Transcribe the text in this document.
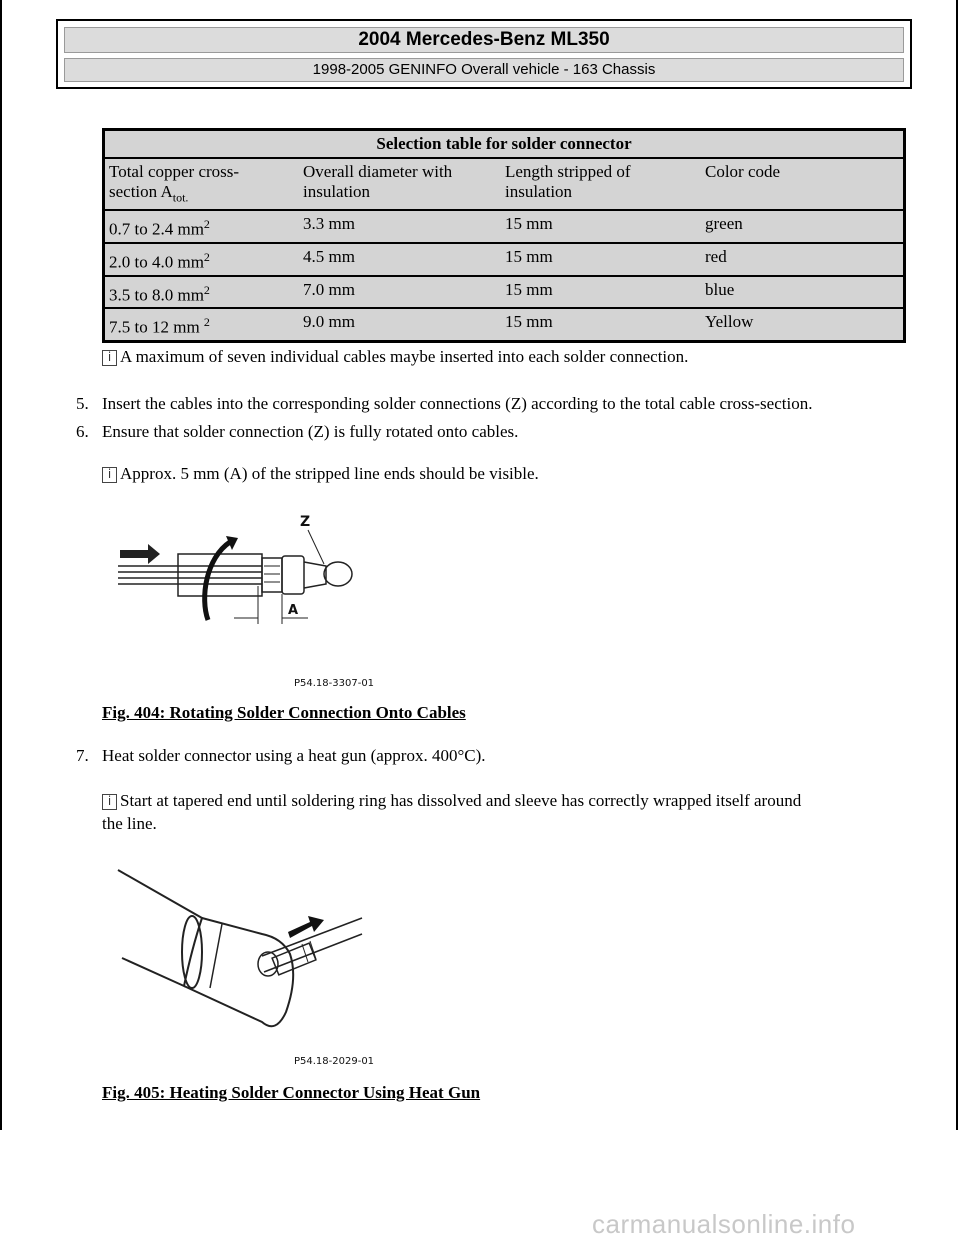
2004 Mercedes-Benz ML350
1998-2005 GENINFO Overall vehicle - 163 Chassis
Selection table for solder connector			
Total copper cross-
section $A_{tot.}$	Overall diameter with
insulation	Length stripped of
insulation	Color code
0.7 to 2.4 $mm^2$	3.3 mm	15 mm	green
2.0 to 4.0 $mm^2$	4.5 mm	15 mm	red
3.5 to 8.0 $mm^2$	7.0 mm	15 mm	blue
7.5 to 12 mm $^2$	9.0 mm	15 mm	Yellow
i A maximum of seven individual cables maybe inserted into each solder connection.
5. Insert the cables into the corresponding solder connections (Z) according to the total cable cross-section.
6. Ensure that solder connection (Z) is fully rotated onto cables.
i Approx. 5 mm (A) of the stripped line ends should be visible.
Z
A
P54.18-3307-01
Fig. 404: Rotating Solder Connection Onto Cables
7. Heat solder connector using a heat gun (approx. 400°C).
i Start at tapered end until soldering ring has dissolved and sleeve has correctly wrapped itself around
the line.
P54.18-2029-01
Fig. 405: Heating Solder Connector Using Heat Gun
carmanualsonline.info
